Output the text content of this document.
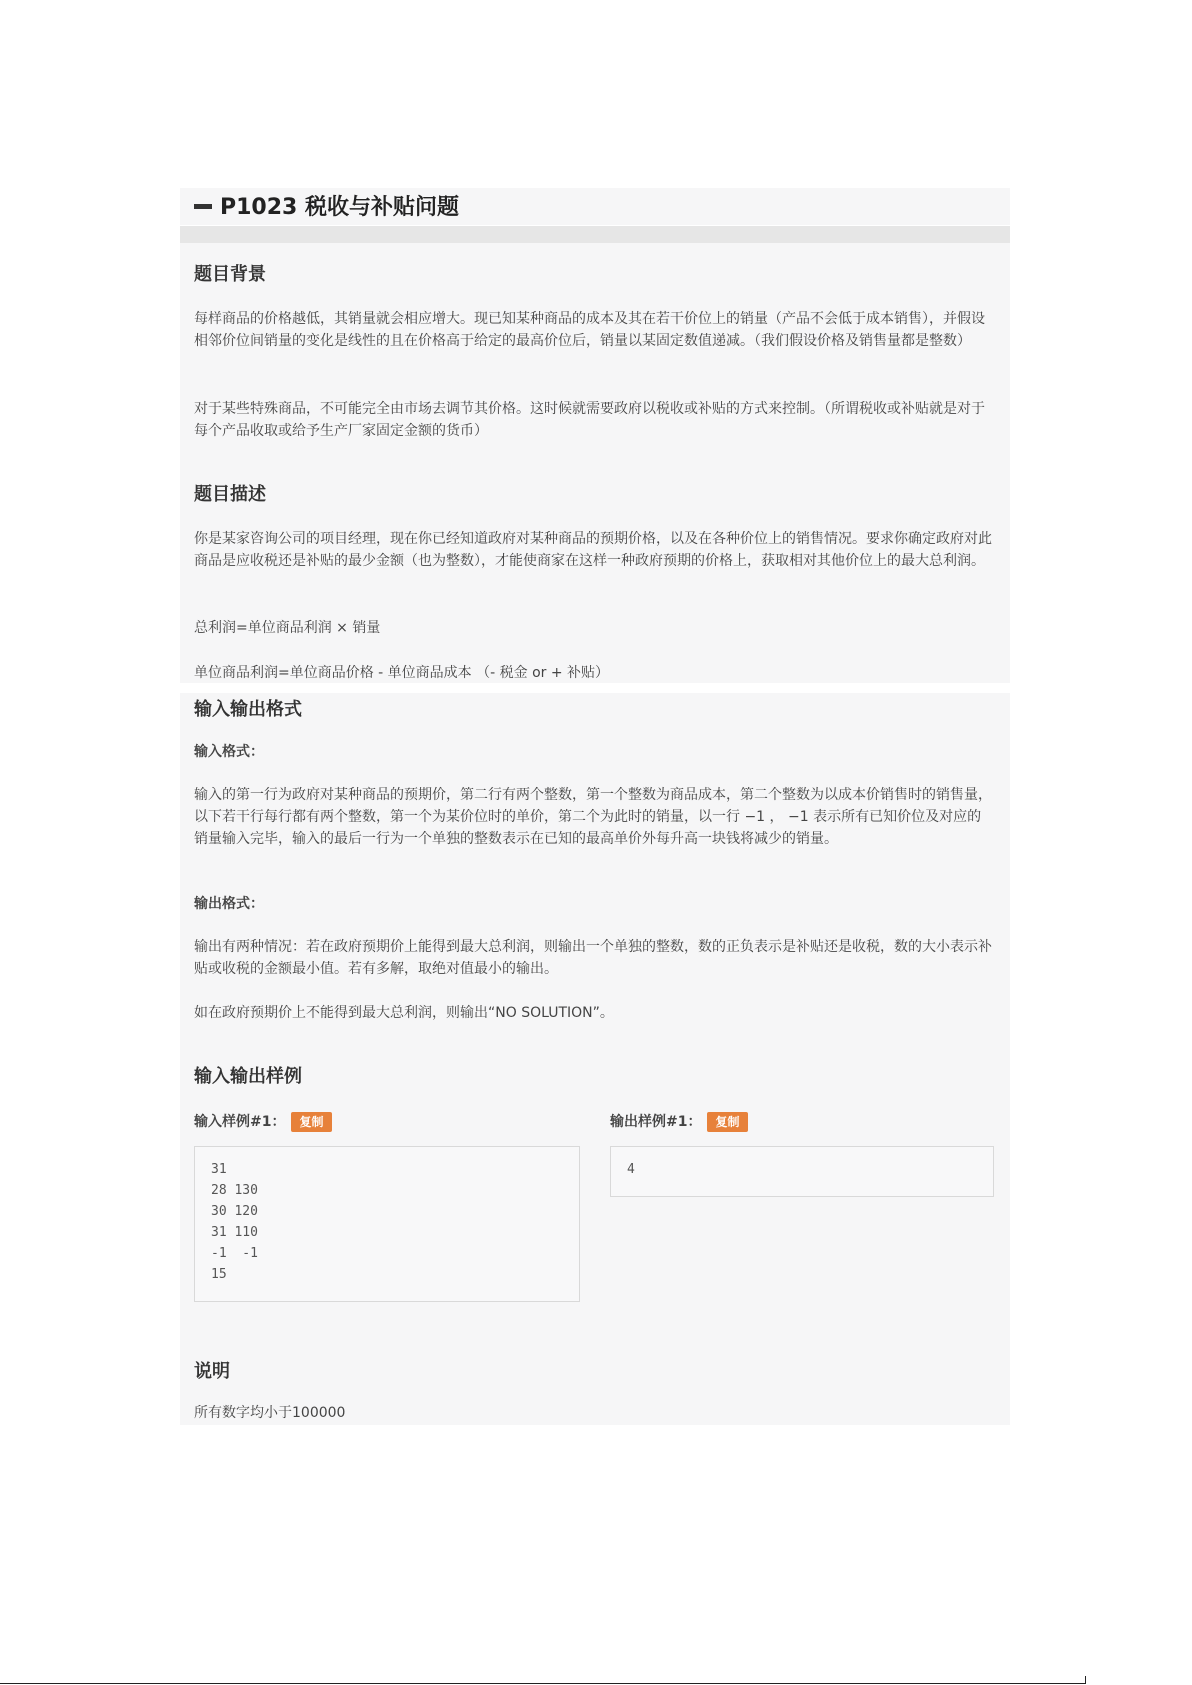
P1023 税收与补贴问题
题目背景
每样商品的价格越低，其销量就会相应增大。现已知某种商品的成本及其在若干价位上的销量（产品不会低于成本销售），并假设相邻价位间销量的变化是线性的且在价格高于给定的最高价位后，销量以某固定数值递减。（我们假设价格及销售量都是整数）
对于某些特殊商品，不可能完全由市场去调节其价格。这时候就需要政府以税收或补贴的方式来控制。（所谓税收或补贴就是对于每个产品收取或给予生产厂家固定金额的货币）
题目描述
你是某家咨询公司的项目经理，现在你已经知道政府对某种商品的预期价格，以及在各种价位上的销售情况。要求你确定政府对此商品是应收税还是补贴的最少金额（也为整数），才能使商家在这样一种政府预期的价格上，获取相对其他价位上的最大总利润。
总利润=单位商品利润 × 销量
单位商品利润=单位商品价格 - 单位商品成本 （- 税金 or + 补贴）
输入输出格式
输入格式：
输入的第一行为政府对某种商品的预期价，第二行有两个整数，第一个整数为商品成本，第二个整数为以成本价销售时的销售量，以下若干行每行都有两个整数，第一个为某价位时的单价，第二个为此时的销量，以一行 −1 ， −1 表示所有已知价位及对应的销量输入完毕，输入的最后一行为一个单独的整数表示在已知的最高单价外每升高一块钱将减少的销量。
输出格式：
输出有两种情况：若在政府预期价上能得到最大总利润，则输出一个单独的整数，数的正负表示是补贴还是收税，数的大小表示补贴或收税的金额最小值。若有多解，取绝对值最小的输出。
如在政府预期价上不能得到最大总利润，则输出“NO SOLUTION”。
输入输出样例
输入样例#1： 复制	输出样例#1： 复制
31
28 130
30 120
31 110
-1  -1
15
4
说明
所有数字均小于100000
